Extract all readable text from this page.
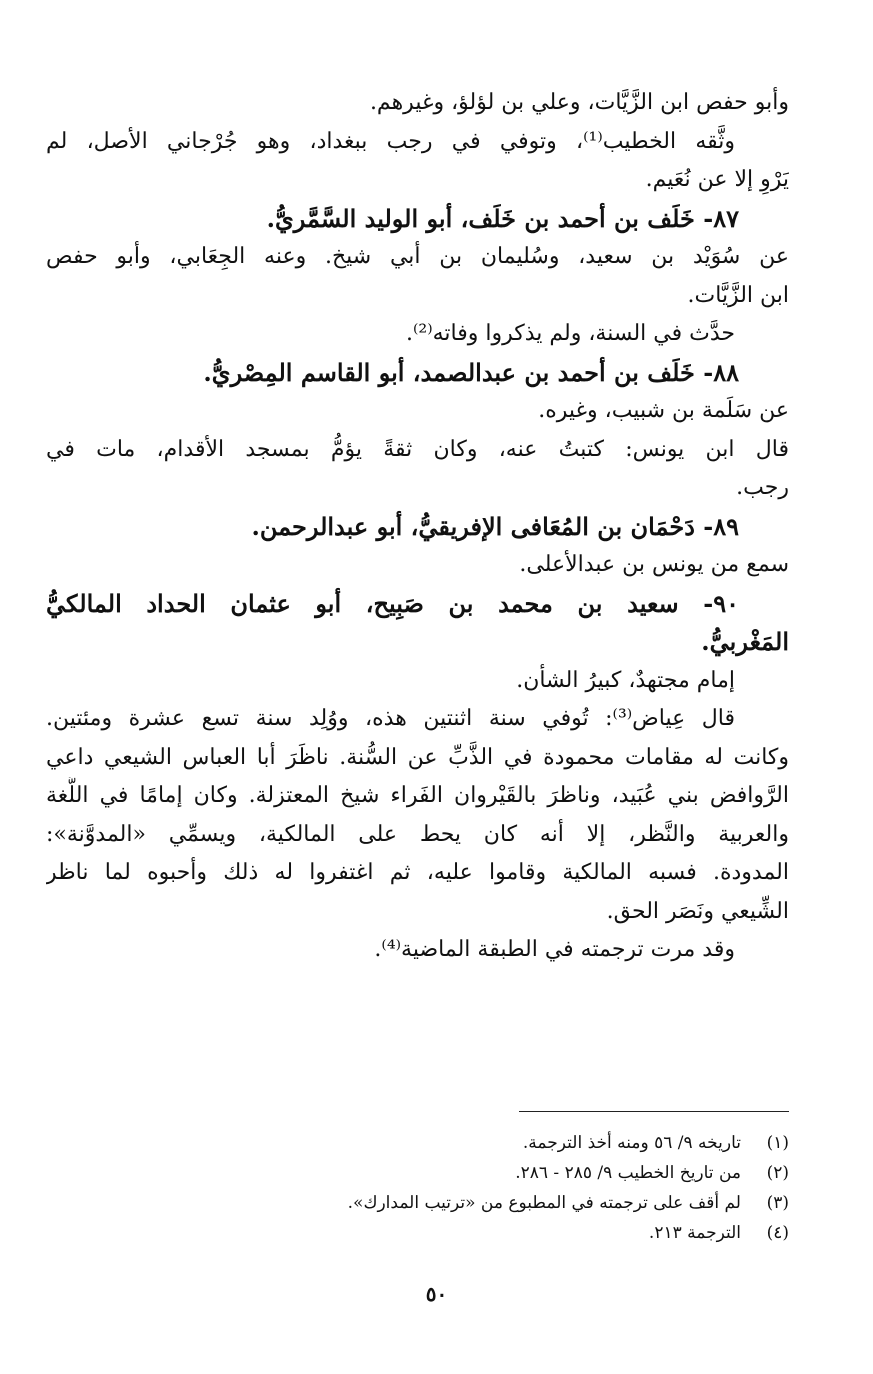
وأبو حفص ابن الزَّيَّات، وعلي بن لؤلؤ، وغيرهم.
وثَّقه الخطيب⁽¹⁾، وتوفي في رجب ببغداد، وهو جُرْجاني الأصل، لم
يَرْوِ إلا عن نُعَيم.
٨٧- خَلَف بن أحمد بن خَلَف، أبو الوليد السَّمَّريُّ.
عن سُوَيْد بن سعيد، وسُليمان بن أبي شيخ. وعنه الجِعَابي، وأبو حفص
ابن الزَّيَّات.
حدَّث في السنة، ولم يذكروا وفاته⁽²⁾.
٨٨- خَلَف بن أحمد بن عبدالصمد، أبو القاسم المِصْريُّ.
عن سَلَمة بن شبيب، وغيره.
قال ابن يونس: كتبتُ عنه، وكان ثقةً يؤمُّ بمسجد الأقدام، مات في
رجب.
٨٩- دَحْمَان بن المُعَافى الإفريقيُّ، أبو عبدالرحمن.
سمع من يونس بن عبدالأعلى.
٩٠- سعيد بن محمد بن صَبِيح، أبو عثمان الحداد المالكيُّ
المَغْربيُّ.
إمام مجتهدٌ، كبيرُ الشأن.
قال عِياض⁽³⁾: تُوفي سنة اثنتين هذه، ووُلِد سنة تسع عشرة ومئتين.
وكانت له مقامات محمودة في الذَّبِّ عن السُّنة. ناظَرَ أبا العباس الشيعي داعي
الرَّوافض بني عُبَيد، وناظرَ بالقَيْروان الفَراء شيخ المعتزلة. وكان إمامًا في اللُّغة
والعربية والنَّظر، إلا أنه كان يحط على المالكية، ويسمِّي «المدوَّنة»:
المدودة. فسبه المالكية وقاموا عليه، ثم اغتفروا له ذلك وأحبوه لما ناظر
الشِّيعي ونَصَر الحق.
وقد مرت ترجمته في الطبقة الماضية⁽⁴⁾.
(١)تاريخه ٩/ ٥٦ ومنه أخذ الترجمة.
(٢)من تاريخ الخطيب ٩/ ٢٨٥ - ٢٨٦.
(٣)لم أقف على ترجمته في المطبوع من «ترتيب المدارك».
(٤)الترجمة ٢١٣.
٥٠
